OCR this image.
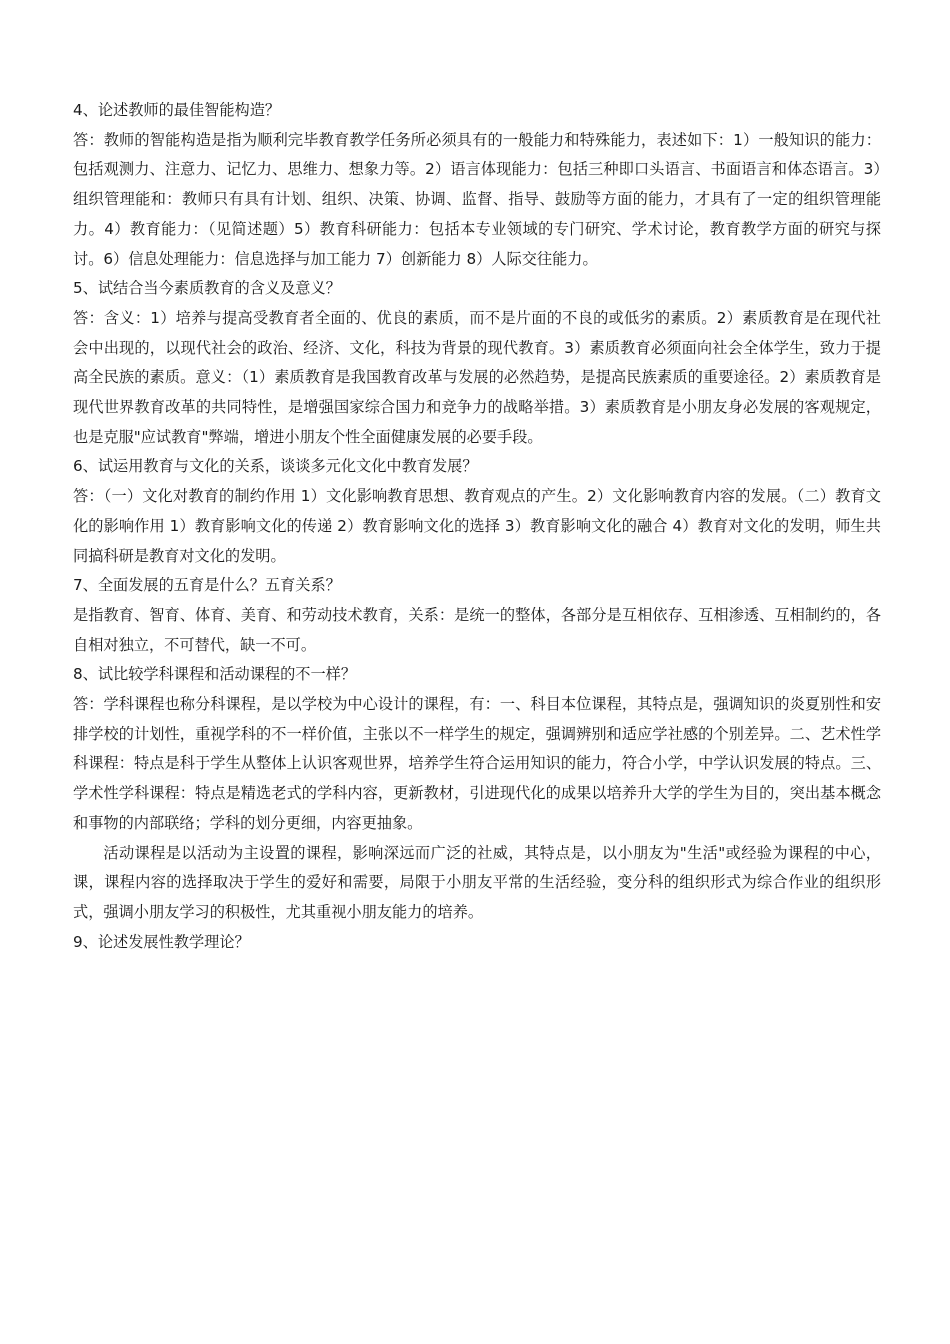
4、论述教师的最佳智能构造？

答：教师的智能构造是指为顺利完毕教育教学任务所必须具有的一般能力和特殊能力，表述如下：1）一般知识的能力：包括观测力、注意力、记忆力、思维力、想象力等。2）语言体现能力：包括三种即口头语言、书面语言和体态语言。3）组织管理能和：教师只有具有计划、组织、决策、协调、监督、指导、鼓励等方面的能力，才具有了一定的组织管理能力。4）教育能力：（见简述题）5）教育科研能力：包括本专业领域的专门研究、学术讨论，教育教学方面的研究与探讨。6）信息处理能力：信息选择与加工能力 7）创新能力 8）人际交往能力。

5、试结合当今素质教育的含义及意义？

答：含义：1）培养与提高受教育者全面的、优良的素质，而不是片面的不良的或低劣的素质。2）素质教育是在现代社会中出现的，以现代社会的政治、经济、文化，科技为背景的现代教育。3）素质教育必须面向社会全体学生，致力于提高全民族的素质。意义：（1）素质教育是我国教育改革与发展的必然趋势，是提高民族素质的重要途径。2）素质教育是现代世界教育改革的共同特性，是增强国家综合国力和竞争力的战略举措。3）素质教育是小朋友身必发展的客观规定，也是克服"应试教育"弊端，增进小朋友个性全面健康发展的必要手段。

6、试运用教育与文化的关系，谈谈多元化文化中教育发展？

答：（一）文化对教育的制约作用 1）文化影响教育思想、教育观点的产生。2）文化影响教育内容的发展。（二）教育文化的影响作用 1）教育影响文化的传递 2）教育影响文化的选择 3）教育影响文化的融合 4）教育对文化的发明，师生共同搞科研是教育对文化的发明。

7、全面发展的五育是什么？五育关系？

是指教育、智育、体育、美育、和劳动技术教育，关系：是统一的整体，各部分是互相依存、互相渗透、互相制约的，各自相对独立，不可替代，缺一不可。

8、试比较学科课程和活动课程的不一样？

答：学科课程也称分科课程，是以学校为中心设计的课程，有：一、科目本位课程，其特点是，强调知识的炎夏别性和安排学校的计划性，重视学科的不一样价值，主张以不一样学生的规定，强调辨别和适应学社感的个别差异。二、艺术性学科课程：特点是科于学生从整体上认识客观世界，培养学生符合运用知识的能力，符合小学，中学认识发展的特点。三、学术性学科课程：特点是精选老式的学科内容，更新教材，引进现代化的成果以培养升大学的学生为目的，突出基本概念和事物的内部联络；学科的划分更细，内容更抽象。

活动课程是以活动为主设置的课程，影响深远而广泛的社威，其特点是，以小朋友为"生活"或经验为课程的中心，课，课程内容的选择取决于学生的爱好和需要，局限于小朋友平常的生活经验，变分科的组织形式为综合作业的组织形式，强调小朋友学习的积极性，尤其重视小朋友能力的培养。

9、论述发展性教学理论？
